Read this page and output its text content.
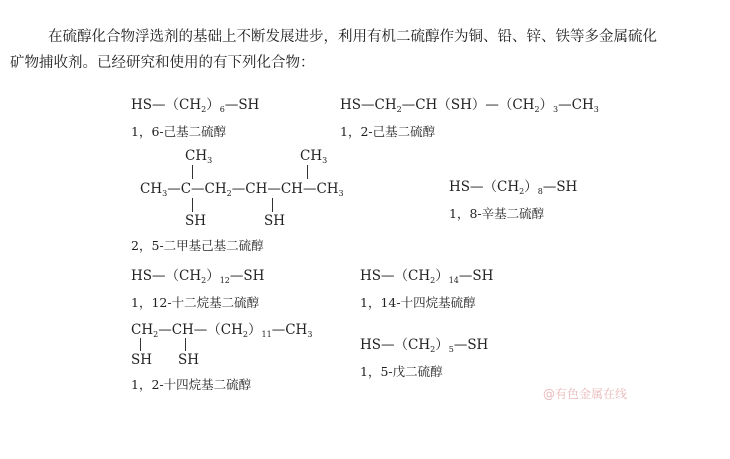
在硫醇化合物浮选剂的基础上不断发展进步，利用有机二硫醇作为铜、铅、锌、铁等多金属硫化
矿物捕收剂。已经研究和使用的有下列化合物：
$HS—(CH_2)_6—SH$
1，6-己基二硫醇
$HS—CH_2—CH(SH)—(CH_2)_3—CH_3$
1，2-己基二硫醇
$CH_3$	$CH_3$
$CH_3—C—CH_2—CH—CH—CH_3$
SH	SH
2，5-二甲基己基二硫醇
$HS—(CH_2)_8—SH$
1，8-辛基二硫醇
$HS—(CH_2)_{12}—SH$
1，12-十二烷基二硫醇
$HS—(CH_2)_{14}—SH$
1，14-十四烷基硫醇
$CH_2—CH—(CH_2)_{11}—CH_3$
SH SH
1，2-十四烷基二硫醇
$HS—(CH_2)_5—SH$
1，5-戊二硫醇
@有色金属在线
